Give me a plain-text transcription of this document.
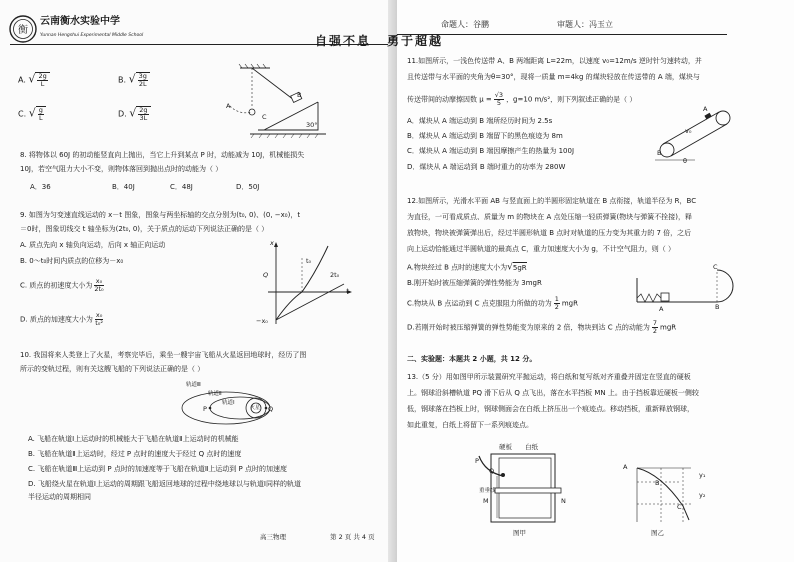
衡
云南衡水实验中学
Yunnan Hengshui Experimental Middle School
A. √ $\frac{2g}{L}$	B. √ $\frac{3g}{2L}$
C. √ $\frac{g}{L}$	D. √ $\frac{2g}{3L}$
A
B
C
30°
8. 将物体以 60J 的初动能竖直向上抛出，当它上升到某点 P 时，动能减为 10J，机械能损失
10J，若空气阻力大小不变，则物体落回到抛出点时的动能为（ ）
A．36	B．40J	C．48J	D．50J
9. 如图为匀变速直线运动的 x－t 图象，图象与两坐标轴的交点分别为(t₀, 0)、(0, −x₀)，t
＝0时，图象切线交 t 轴坐标为(2t₀, 0)，关于质点的运动下列说法正确的是（ ）
A. 质点先向 x 轴负向运动，后向 x 轴正向运动
B. 0～t₀时间内质点的位移为－x₀
C. 质点的初速度大小为 $\frac{\text{x₀}}{\text{2t₀}}$
D. 质点的加速度大小为 $\frac{\text{x₀}}{\text{t₀²}}$
x
Q
t₀
2t₀
t
−x₀
10. 我国将来人类登上了火星，考察完毕后，乘坐一艘宇宙飞船从火星返回地球时，经历了图
所示的变轨过程，则有关这艘飞船的下列说法正确的是（ ）
轨道Ⅲ
轨道Ⅱ
轨道Ⅰ
P	Q
火星
A. 飞船在轨道Ⅰ上运动时的机械能大于飞船在轨道Ⅱ上运动时的机械能
B. 飞船在轨道Ⅱ上运动时，经过 P 点时的速度大于经过 Q 点时的速度
C. 飞船在轨道Ⅲ上运动到 P 点时的加速度等于飞船在轨道Ⅱ上运动到 P 点时的加速度
D. 飞船绕火星在轨道Ⅰ上运动的周期跟飞船返回地球的过程中绕地球以与轨道Ⅰ同样的轨道
半径运动的周期相同
高三物理	第 2 页 共 4 页
命题人：谷鹏	审题人：冯玉立
自强不息 勇于超越
11.如图所示，一浅色传送带 A、B 两端距离 L=22m，以速度 v₀=12m/s 逆时针匀速转动，并
且传送带与水平面的夹角为θ=30°，现将一质量 m=4kg 的煤块轻放在传送带的 A 端，煤块与
传送带间的动摩擦因数 $\mu = \frac{√3}{5}$ ，g=10 m/s²，则下列叙述正确的是（ ）
A．煤块从 A 端运动到 B 端所经历时间为 2.5s
B．煤块从 A 端运动到 B 端留下的黑色痕迹为 8m
C．煤块从 A 端运动到 B 端因摩擦产生的热量为 100J
D．煤块从 A 端运动到 B 端时重力的功率为 280W
A
B
v₀
θ
12.如图所示，光滑水平面 AB 与竖直面上的半圆形固定轨道在 B 点衔接，轨道半径为 R，BC
为直径，一可看成质点、质量为 m 的物块在 A 点处压缩一轻质弹簧(物块与弹簧不拴接)，释
放物块，物块被弹簧弹出后，经过半圆形轨道 B 点时对轨道的压力变为其重力的 7 倍，之后
向上运动恰能通过半圆轨道的最高点 C，重力加速度大小为 g，不计空气阻力，则（ ）
A.物块经过 B 点时的速度大小为√5gR
B.刚开始时被压缩弹簧的弹性势能为 3mgR
C.物块从 B 点运动到 C 点克服阻力所做的功为 $\frac{1}{2}$ mgR
D.若刚开始时被压缩弹簧的弹性势能变为原来的 2 倍，物块到达 C 点的动能为 $\frac{7}{2}$ mgR
A	B
C
二、实验题：本题共 2 小题，共 12 分。
13.（5 分）用如图甲所示装置研究平抛运动，将白纸和复写纸对齐重叠并固定在竖直的硬板
上。钢球沿斜槽轨道 PQ 滑下后从 Q 点飞出，落在水平挡板 MN 上。由于挡板靠近硬板一侧较
低，钢球落在挡板上时，钢球侧面会在白纸上挤压出一个痕迹点。移动挡板，重新释放钢球，
如此重复，白纸上将留下一系列痕迹点。
硬板 白纸
P
Q
重垂线
M	N
图甲
A
B
C
y₁
y₂
图乙
